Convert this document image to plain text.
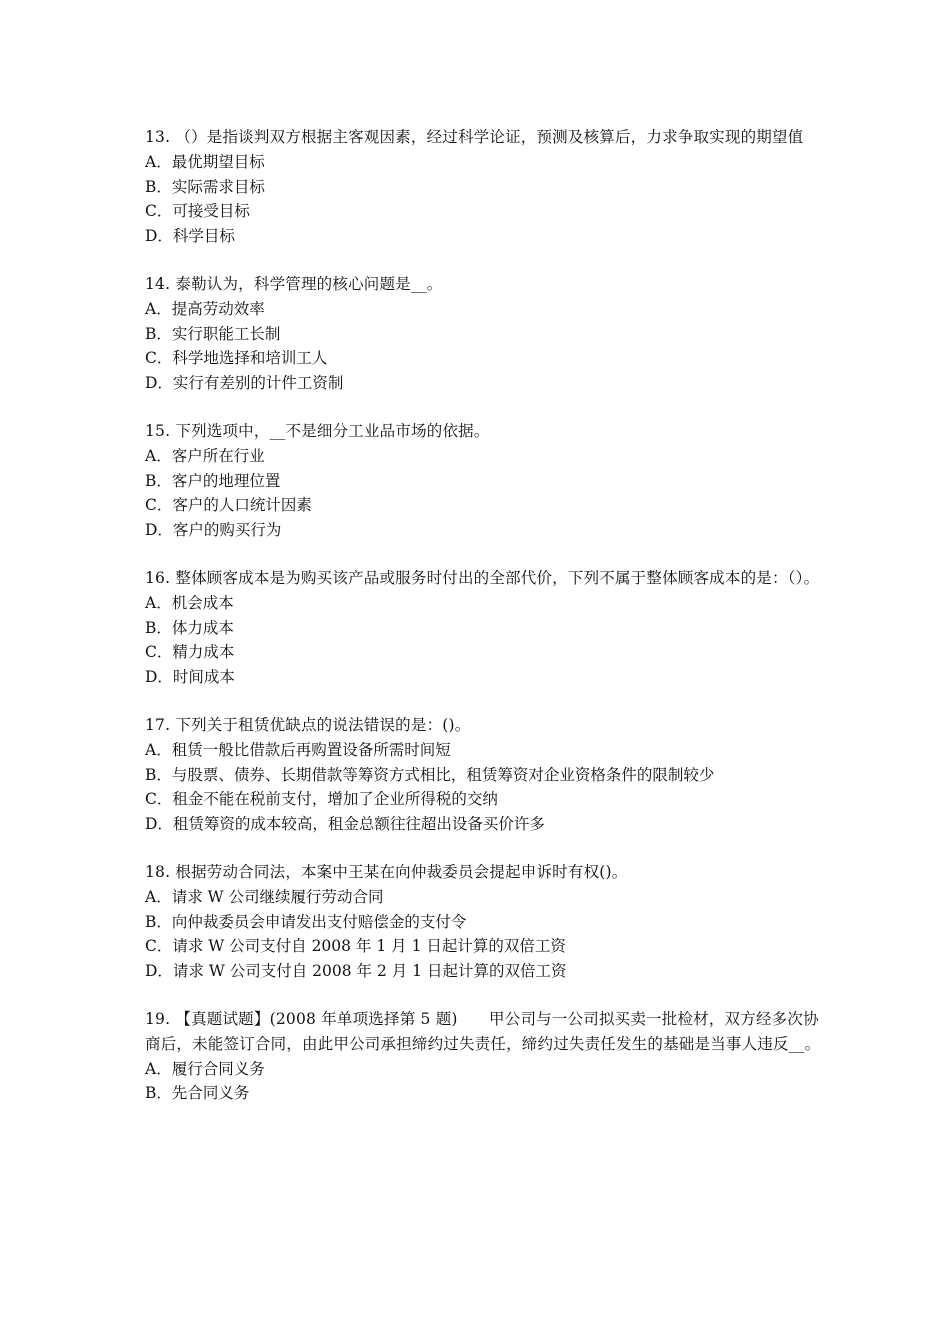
13. （）是指谈判双方根据主客观因素，经过科学论证，预测及核算后，力求争取实现的期望值
A．最优期望目标
B．实际需求目标
C．可接受目标
D．科学目标
14. 泰勒认为，科学管理的核心问题是__。
A．提高劳动效率
B．实行职能工长制
C．科学地选择和培训工人
D．实行有差别的计件工资制
15. 下列选项中，__不是细分工业品市场的依据。
A．客户所在行业
B．客户的地理位置
C．客户的人口统计因素
D．客户的购买行为
16. 整体顾客成本是为购买该产品或服务时付出的全部代价，下列不属于整体顾客成本的是：（）。
A．机会成本
B．体力成本
C．精力成本
D．时间成本
17. 下列关于租赁优缺点的说法错误的是：()。
A．租赁一般比借款后再购置设备所需时间短
B．与股票、债券、长期借款等筹资方式相比，租赁筹资对企业资格条件的限制较少
C．租金不能在税前支付，增加了企业所得税的交纳
D．租赁筹资的成本较高，租金总额往往超出设备买价许多
18. 根据劳动合同法，本案中王某在向仲裁委员会提起申诉时有权()。
A．请求 W 公司继续履行劳动合同
B．向仲裁委员会申请发出支付赔偿金的支付令
C．请求 W 公司支付自 2008 年 1 月 1 日起计算的双倍工资
D．请求 W 公司支付自 2008 年 2 月 1 日起计算的双倍工资
19. 【真题试题】(2008 年单项选择第 5 题)　　甲公司与一公司拟买卖一批检材，双方经多次协商后，未能签订合同，由此甲公司承担缔约过失责任，缔约过失责任发生的基础是当事人违反__。
A．履行合同义务
B．先合同义务
